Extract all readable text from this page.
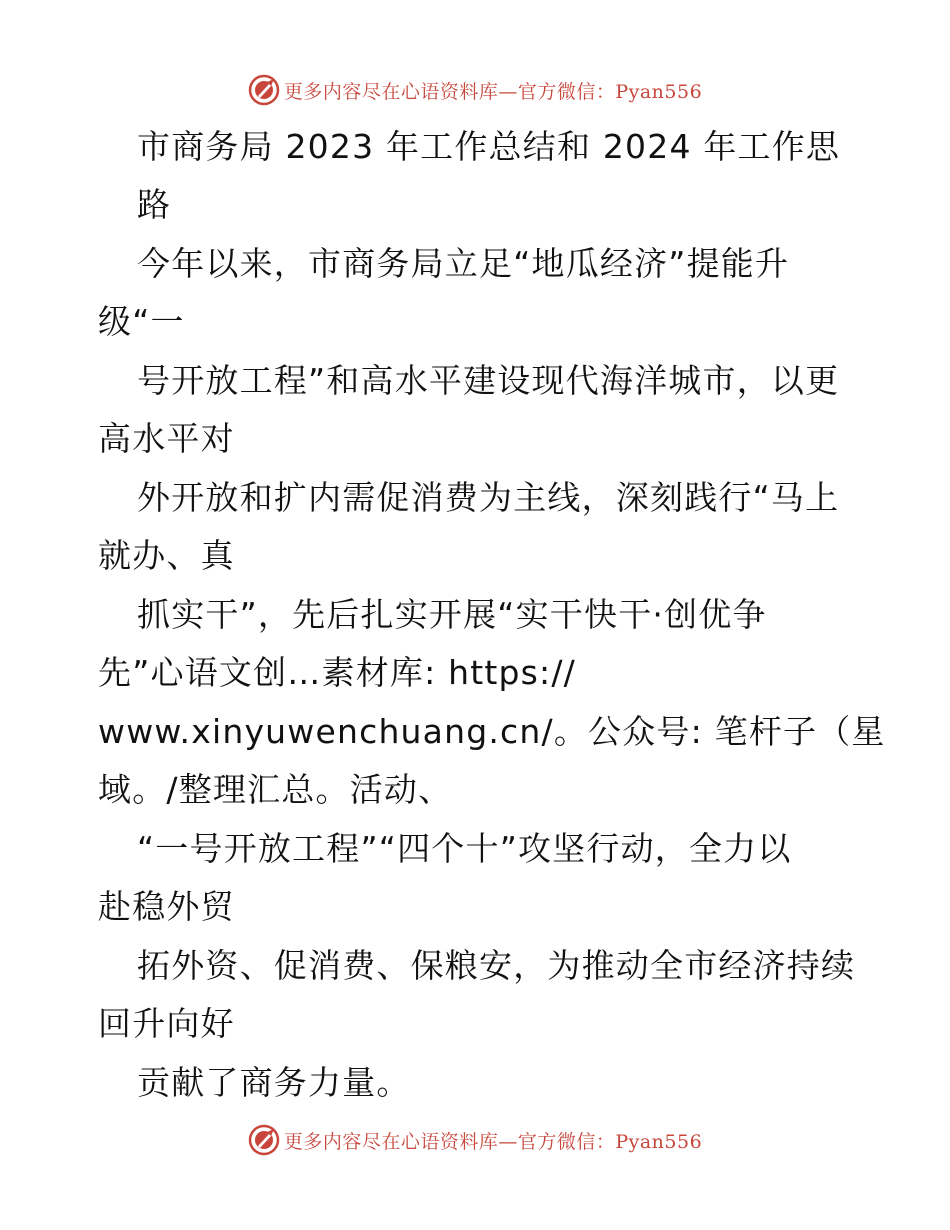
更多内容尽在心语资料库—官方微信：Pyan556
市商务局 2023 年工作总结和 2024 年工作思
路
今年以来，市商务局立足“地瓜经济”提能升
级“一
号开放工程”和高水平建设现代海洋城市，以更
高水平对
外开放和扩内需促消费为主线，深刻践行“马上
就办、真
抓实干”，先后扎实开展“实干快干·创优争
先”心语文创…素材库: https://
www.xinyuwenchuang.cn/。公众号: 笔杆子（星
域。/整理汇总。活动、
“一号开放工程”“四个十”攻坚行动，全力以
赴稳外贸
拓外资、促消费、保粮安，为推动全市经济持续
回升向好
贡献了商务力量。
更多内容尽在心语资料库—官方微信：Pyan556
